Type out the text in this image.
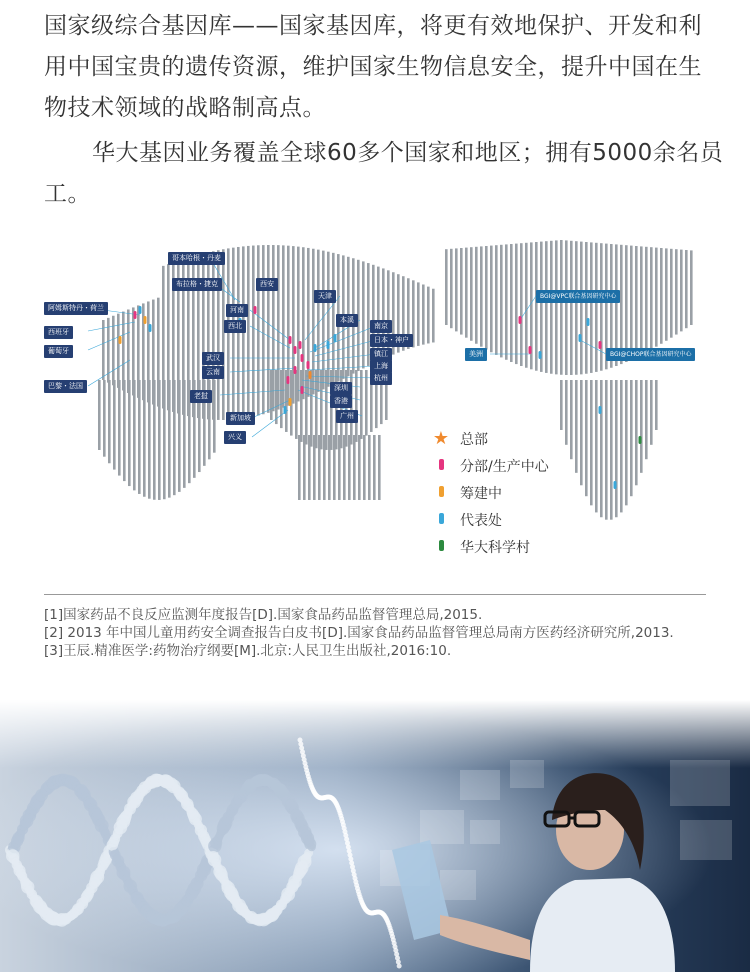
国家级综合基因库——国家基因库，将更有效地保护、开发和利用中国宝贵的遗传资源，维护国家生物信息安全，提升中国在生物技术领域的战略制高点。

华大基因业务覆盖全球60多个国家和地区；拥有5000余名员工。

哥本哈根・丹麦
布拉格・捷克
阿姆斯特丹・荷兰
西班牙
葡萄牙
巴黎・法国
河南
西北
武汉
云南
老挝
新加坡
兴义
西安
天津
本溪
南京
日本・神户
镇江
上海
杭州
深圳
香港
广州
BGI@VPC联合基因研究中心
美洲	BGI@CHOP联合基因研究中心
★ 总部
分部/生产中心
筹建中
代表处
华大科学村
[1]国家药品不良反应监测年度报告[D].国家食品药品监督管理总局,2015.
[2] 2013 年中国儿童用药安全调查报告白皮书[D].国家食品药品监督管理总局南方医药经济研究所,2013.
[3]王辰.精准医学:药物治疗纲要[M].北京:人民卫生出版社,2016:10.
